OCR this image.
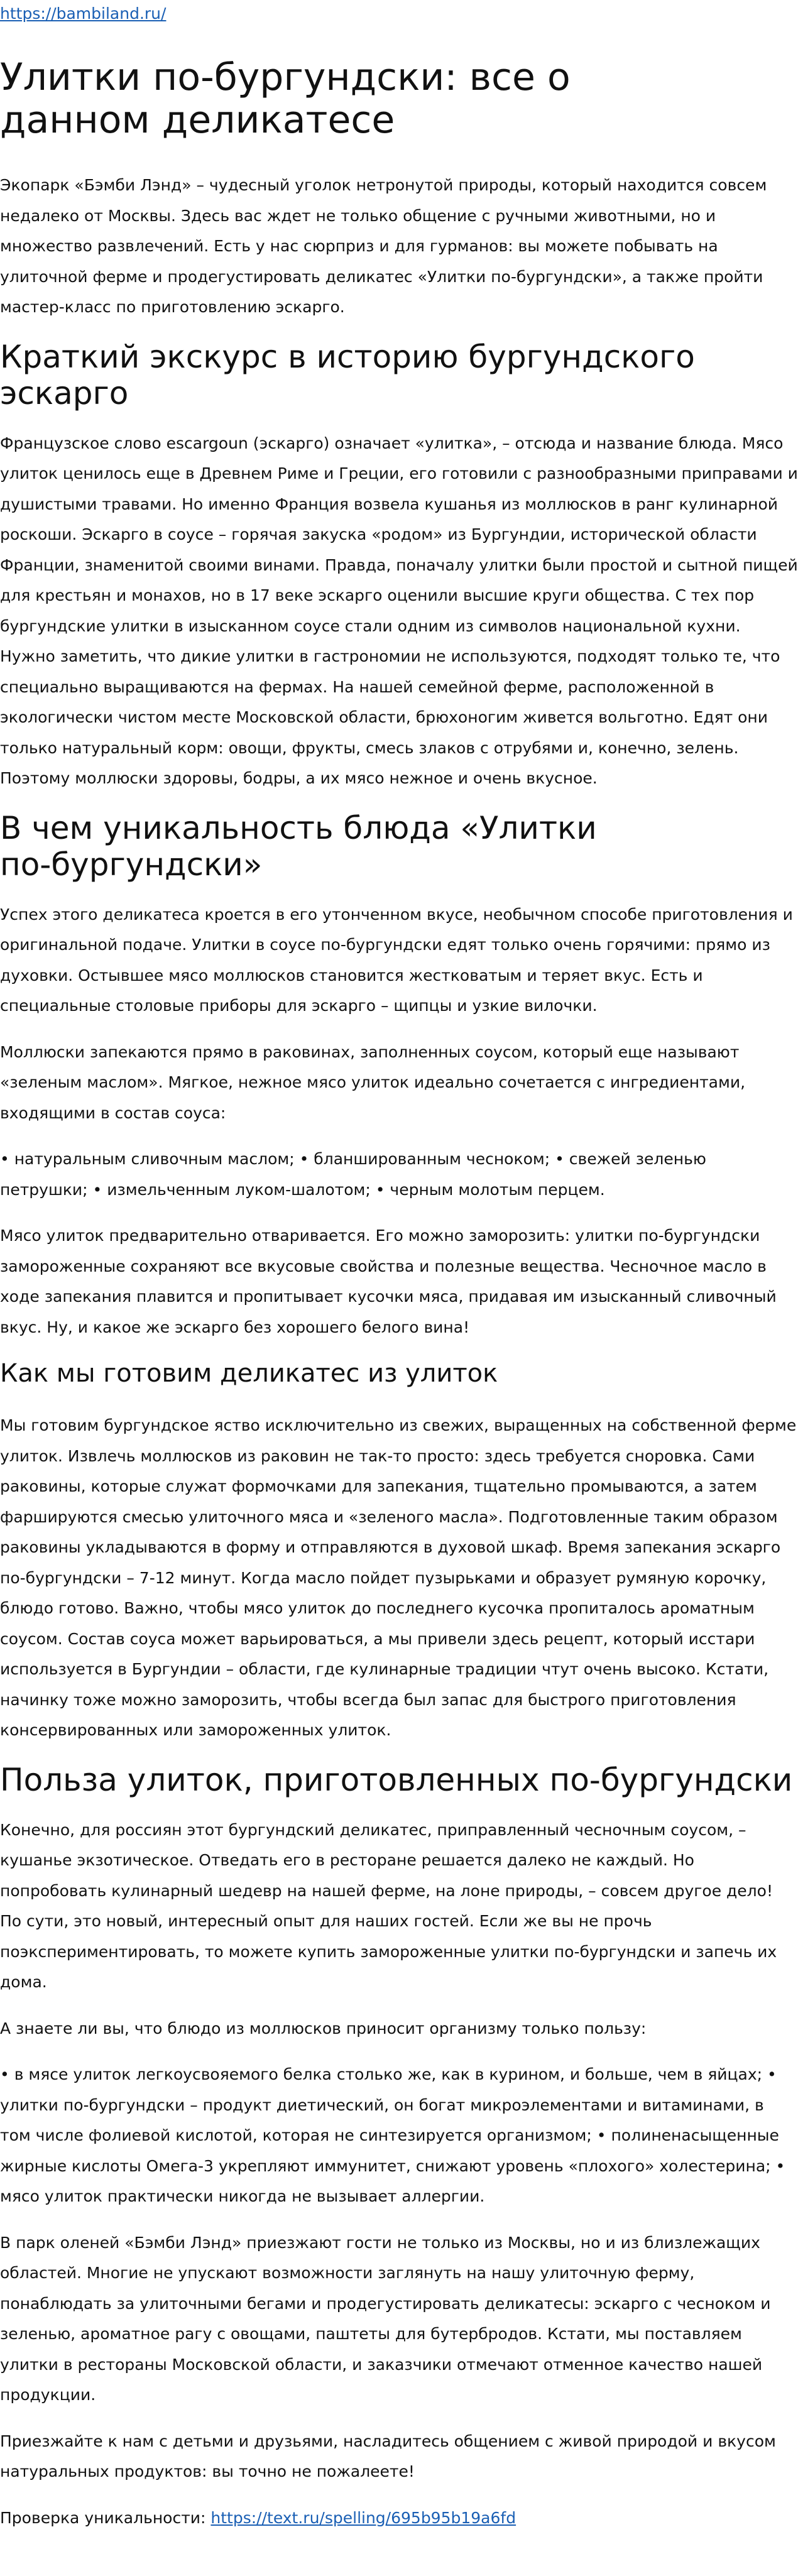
https://bambiland.ru/
Улитки по-бургундски: все о данном деликатесе

Экопарк «Бэмби Лэнд» – чудесный уголок нетронутой природы, который находится совсем недалеко от Москвы. Здесь вас ждет не только общение с ручными животными, но и множество развлечений. Есть у нас сюрприз и для гурманов: вы можете побывать на улиточной ферме и продегустировать деликатес «Улитки по-бургундски», а также пройти мастер-класс по приготовлению эскарго.

Краткий экскурс в историю бургундского эскарго

Французское слово escargoun (эскарго) означает «улитка», – отсюда и название блюда. Мясо улиток ценилось еще в Древнем Риме и Греции, его готовили с разнообразными приправами и душистыми травами. Но именно Франция возвела кушанья из моллюсков в ранг кулинарной роскоши. Эскарго в соусе – горячая закуска «родом» из Бургундии, исторической области Франции, знаменитой своими винами. Правда, поначалу улитки были простой и сытной пищей для крестьян и монахов, но в 17 веке эскарго оценили высшие круги общества. С тех пор бургундские улитки в изысканном соусе стали одним из символов национальной кухни. Нужно заметить, что дикие улитки в гастрономии не используются, подходят только те, что специально выращиваются на фермах. На нашей семейной ферме, расположенной в экологически чистом месте Московской области, брюхоногим живется вольготно. Едят они только натуральный корм: овощи, фрукты, смесь злаков с отрубями и, конечно, зелень. Поэтому моллюски здоровы, бодры, а их мясо нежное и очень вкусное.

В чем уникальность блюда «Улитки по-бургундски»

Успех этого деликатеса кроется в его утонченном вкусе, необычном способе приготовления и оригинальной подаче. Улитки в соусе по-бургундски едят только очень горячими: прямо из духовки. Остывшее мясо моллюсков становится жестковатым и теряет вкус. Есть и специальные столовые приборы для эскарго – щипцы и узкие вилочки.

Моллюски запекаются прямо в раковинах, заполненных соусом, который еще называют «зеленым маслом». Мягкое, нежное мясо улиток идеально сочетается с ингредиентами, входящими в состав соуса:

• натуральным сливочным маслом; • бланшированным чесноком; • свежей зеленью петрушки; • измельченным луком-шалотом; • черным молотым перцем.

Мясо улиток предварительно отваривается. Его можно заморозить: улитки по-бургундски замороженные сохраняют все вкусовые свойства и полезные вещества. Чесночное масло в ходе запекания плавится и пропитывает кусочки мяса, придавая им изысканный сливочный вкус. Ну, и какое же эскарго без хорошего белого вина!

Как мы готовим деликатес из улиток

Мы готовим бургундское яство исключительно из свежих, выращенных на собственной ферме улиток. Извлечь моллюсков из раковин не так-то просто: здесь требуется сноровка. Сами раковины, которые служат формочками для запекания, тщательно промываются, а затем фаршируются смесью улиточного мяса и «зеленого масла». Подготовленные таким образом раковины укладываются в форму и отправляются в духовой шкаф. Время запекания эскарго по-бургундски – 7-12 минут. Когда масло пойдет пузырьками и образует румяную корочку, блюдо готово. Важно, чтобы мясо улиток до последнего кусочка пропиталось ароматным соусом. Состав соуса может варьироваться, а мы привели здесь рецепт, который исстари используется в Бургундии – области, где кулинарные традиции чтут очень высоко. Кстати, начинку тоже можно заморозить, чтобы всегда был запас для быстрого приготовления консервированных или замороженных улиток.

Польза улиток, приготовленных по-бургундски

Конечно, для россиян этот бургундский деликатес, приправленный чесночным соусом, – кушанье экзотическое. Отведать его в ресторане решается далеко не каждый. Но попробовать кулинарный шедевр на нашей ферме, на лоне природы, – совсем другое дело! По сути, это новый, интересный опыт для наших гостей. Если же вы не прочь поэкспериментировать, то можете купить замороженные улитки по-бургундски и запечь их дома.

А знаете ли вы, что блюдо из моллюсков приносит организму только пользу:

• в мясе улиток легкоусвояемого белка столько же, как в курином, и больше, чем в яйцах; • улитки по-бургундски – продукт диетический, он богат микроэлементами и витаминами, в том числе фолиевой кислотой, которая не синтезируется организмом; • полиненасыщенные жирные кислоты Омега-3 укрепляют иммунитет, снижают уровень «плохого» холестерина; • мясо улиток практически никогда не вызывает аллергии.

В парк оленей «Бэмби Лэнд» приезжают гости не только из Москвы, но и из близлежащих областей. Многие не упускают возможности заглянуть на нашу улиточную ферму, понаблюдать за улиточными бегами и продегустировать деликатесы: эскарго с чесноком и зеленью, ароматное рагу с овощами, паштеты для бутербродов. Кстати, мы поставляем улитки в рестораны Московской области, и заказчики отмечают отменное качество нашей продукции.

Приезжайте к нам с детьми и друзьями, насладитесь общением с живой природой и вкусом натуральных продуктов: вы точно не пожалеете!

Проверка уникальности: https://text.ru/spelling/695b95b19a6fd
